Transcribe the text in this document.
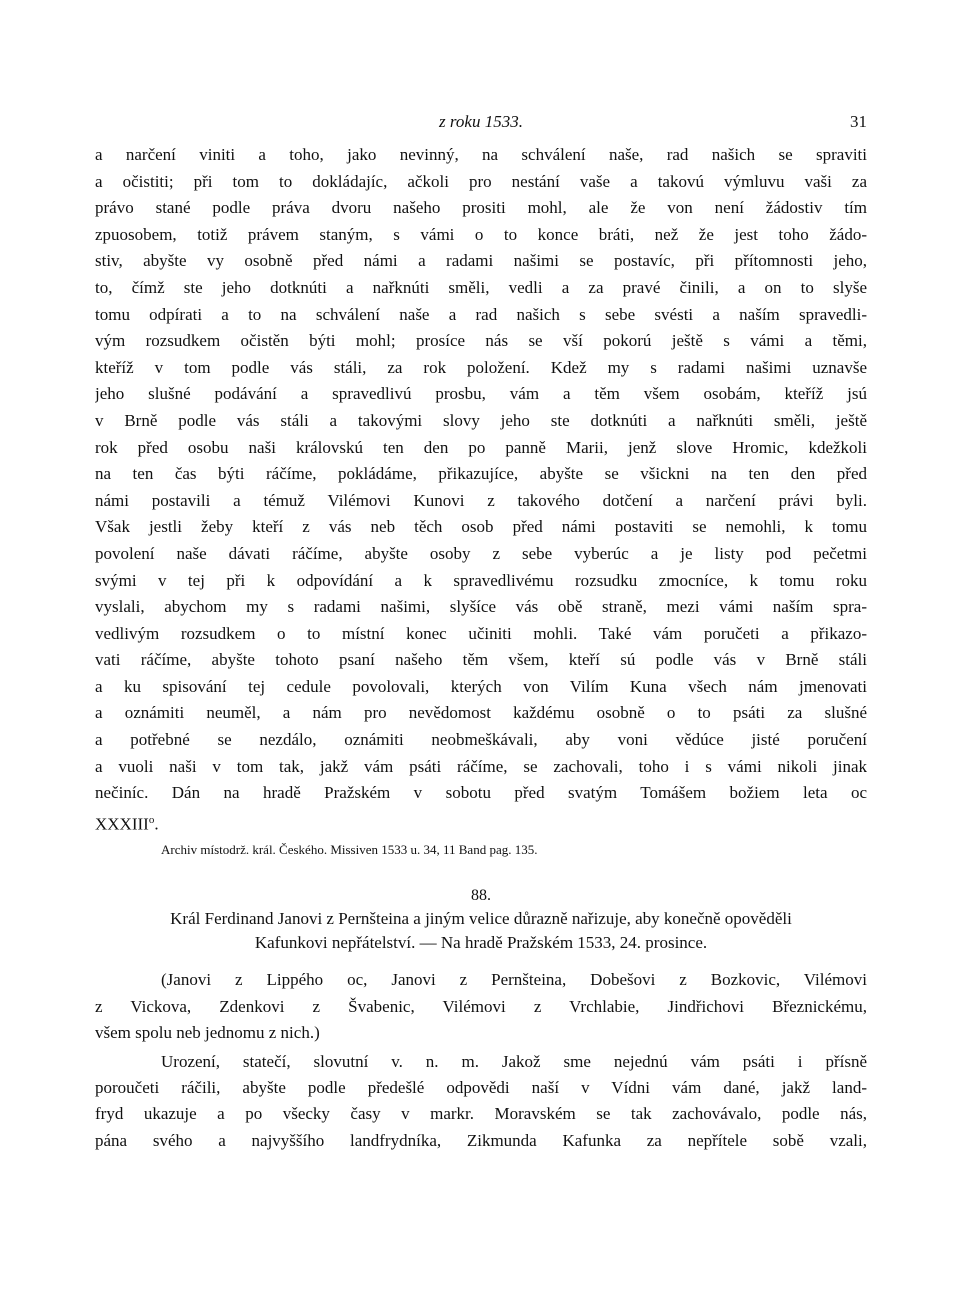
z roku 1533.	31
a narčení viniti a toho, jako nevinný, na schválení naše, rad našich se spraviti
a očistiti; při tom to dokládajíc, ačkoli pro nestání vaše a takovú výmluvu vaši za
právo stané podle práva dvoru našeho prositi mohl, ale že von není žádostiv tím
zpuosobem, totiž právem staným, s vámi o to konce bráti, než že jest toho žádo-
stiv, abyšte vy osobně před námi a radami našimi se postavíc, při přítomnosti jeho,
to, čímž ste jeho dotknúti a nařknúti směli, vedli a za pravé činili, a on to slyše
tomu odpírati a to na schválení naše a rad našich s sebe svésti a naším spravedli-
vým rozsudkem očistěn býti mohl; prosíce nás se vší pokorú ještě s vámi a těmi,
kteříž v tom podle vás stáli, za rok položení. Kdež my s radami našimi uznavše
jeho slušné podávání a spravedlivú prosbu, vám a těm všem osobám, kteříž jsú
v Brně podle vás stáli a takovými slovy jeho ste dotknúti a nařknúti směli, ještě
rok před osobu naši královskú ten den po panně Marii, jenž slove Hromic, kdežkoli
na ten čas býti ráčíme, pokládáme, přikazujíce, abyšte se všickni na ten den před
námi postavili a témuž Vilémovi Kunovi z takového dotčení a narčení právi byli.
Však jestli žeby kteří z vás neb těch osob před námi postaviti se nemohli, k tomu
povolení naše dávati ráčíme, abyšte osoby z sebe vyberúc a je listy pod pečetmi
svými v tej při k odpovídání a k spravedlivému rozsudku zmocníce, k tomu roku
vyslali, abychom my s radami našimi, slyšíce vás obě straně, mezi vámi naším spra-
vedlivým rozsudkem o to místní konec učiniti mohli. Také vám poručeti a přikazo-
vati ráčíme, abyšte tohoto psaní našeho těm všem, kteří sú podle vás v Brně stáli
a ku spisování tej cedule povolovali, kterých von Vilím Kuna všech nám jmenovati
a oznámiti neuměl, a nám pro nevědomost každému osobně o to psáti za slušné
a potřebné se nezdálo, oznámiti neobmeškávali, aby voni vědúce jisté poručení
a vuoli naši v tom tak, jakž vám psáti ráčíme, se zachovali, toho i s vámi nikoli jinak
nečiníc. Dán na hradě Pražském v sobotu před svatým Tomášem božiem leta oc
XXXIII$^o$.
Archiv místodrž. král. Českého. Missiven 1533 u. 34, 11 Band pag. 135.
88.
Král Ferdinand Janovi z Pernšteina a jiným velice důrazně nařizuje, aby konečně opověděli
Kafunkovi nepřátelství. — Na hradě Pražském 1533, 24. prosince.
(Janovi z Lippého oc, Janovi z Pernšteina, Dobešovi z Bozkovic, Vilémovi
z Vickova, Zdenkovi z Švabenic, Vilémovi z Vrchlabie, Jindřichovi Březnickému,
všem spolu neb jednomu z nich.)
Urození, statečí, slovutní v. n. m. Jakož sme nejednú vám psáti i přísně
poroučeti ráčili, abyšte podle předešlé odpovědi naší v Vídni vám dané, jakž land-
fryd ukazuje a po všecky časy v markr. Moravském se tak zachovávalo, podle nás,
pána svého a najvyššího landfrydníka, Zikmunda Kafunka za nepřítele sobě vzali,
